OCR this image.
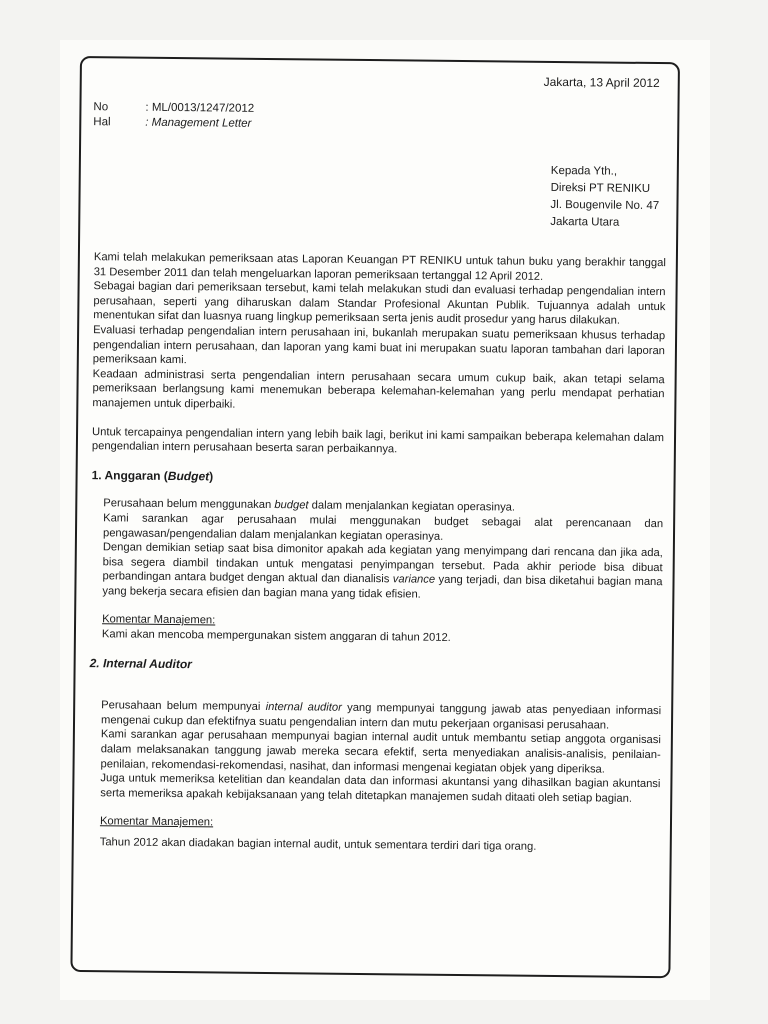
Jakarta, 13 April 2012
No	: ML/0013/1247/2012
Hal	: Management Letter
Kepada Yth.,
Direksi PT RENIKU
Jl. Bougenvile No. 47
Jakarta Utara

Kami telah melakukan pemeriksaan atas Laporan Keuangan PT RENIKU untuk tahun buku yang berakhir tanggal 31 Desember 2011 dan telah mengeluarkan laporan pemeriksaan tertanggal 12 April 2012.

Sebagai bagian dari pemeriksaan tersebut, kami telah melakukan studi dan evaluasi terhadap pengendalian intern perusahaan, seperti yang diharuskan dalam Standar Profesional Akuntan Publik. Tujuannya adalah untuk menentukan sifat dan luasnya ruang lingkup pemeriksaan serta jenis audit prosedur yang harus dilakukan.

Evaluasi terhadap pengendalian intern perusahaan ini, bukanlah merupakan suatu pemeriksaan khusus terhadap pengendalian intern perusahaan, dan laporan yang kami buat ini merupakan suatu laporan tambahan dari laporan pemeriksaan kami.

Keadaan administrasi serta pengendalian intern perusahaan secara umum cukup baik, akan tetapi selama pemeriksaan berlangsung kami menemukan beberapa kelemahan-kelemahan yang perlu mendapat perhatian manajemen untuk diperbaiki.

Untuk tercapainya pengendalian intern yang lebih baik lagi, berikut ini kami sampaikan beberapa kelemahan dalam pengendalian intern perusahaan beserta saran perbaikannya.

1. Anggaran (Budget)

Perusahaan belum menggunakan budget dalam menjalankan kegiatan operasinya.

Kami sarankan agar perusahaan mulai menggunakan budget sebagai alat perencanaan dan pengawasan/pengendalian dalam menjalankan kegiatan operasinya.

Dengan demikian setiap saat bisa dimonitor apakah ada kegiatan yang menyimpang dari rencana dan jika ada, bisa segera diambil tindakan untuk mengatasi penyimpangan tersebut. Pada akhir periode bisa dibuat perbandingan antara budget dengan aktual dan dianalisis variance yang terjadi, dan bisa diketahui bagian mana yang bekerja secara efisien dan bagian mana yang tidak efisien.

Komentar Manajemen:

Kami akan mencoba mempergunakan sistem anggaran di tahun 2012.

2. Internal Auditor

Perusahaan belum mempunyai internal auditor yang mempunyai tanggung jawab atas penyediaan informasi mengenai cukup dan efektifnya suatu pengendalian intern dan mutu pekerjaan organisasi perusahaan.

Kami sarankan agar perusahaan mempunyai bagian internal audit untuk membantu setiap anggota organisasi dalam melaksanakan tanggung jawab mereka secara efektif, serta menyediakan analisis-analisis, penilaian-penilaian, rekomendasi-rekomendasi, nasihat, dan informasi mengenai kegiatan objek yang diperiksa.

Juga untuk memeriksa ketelitian dan keandalan data dan informasi akuntansi yang dihasilkan bagian akuntansi serta memeriksa apakah kebijaksanaan yang telah ditetapkan manajemen sudah ditaati oleh setiap bagian.

Komentar Manajemen:

Tahun 2012 akan diadakan bagian internal audit, untuk sementara terdiri dari tiga orang.
